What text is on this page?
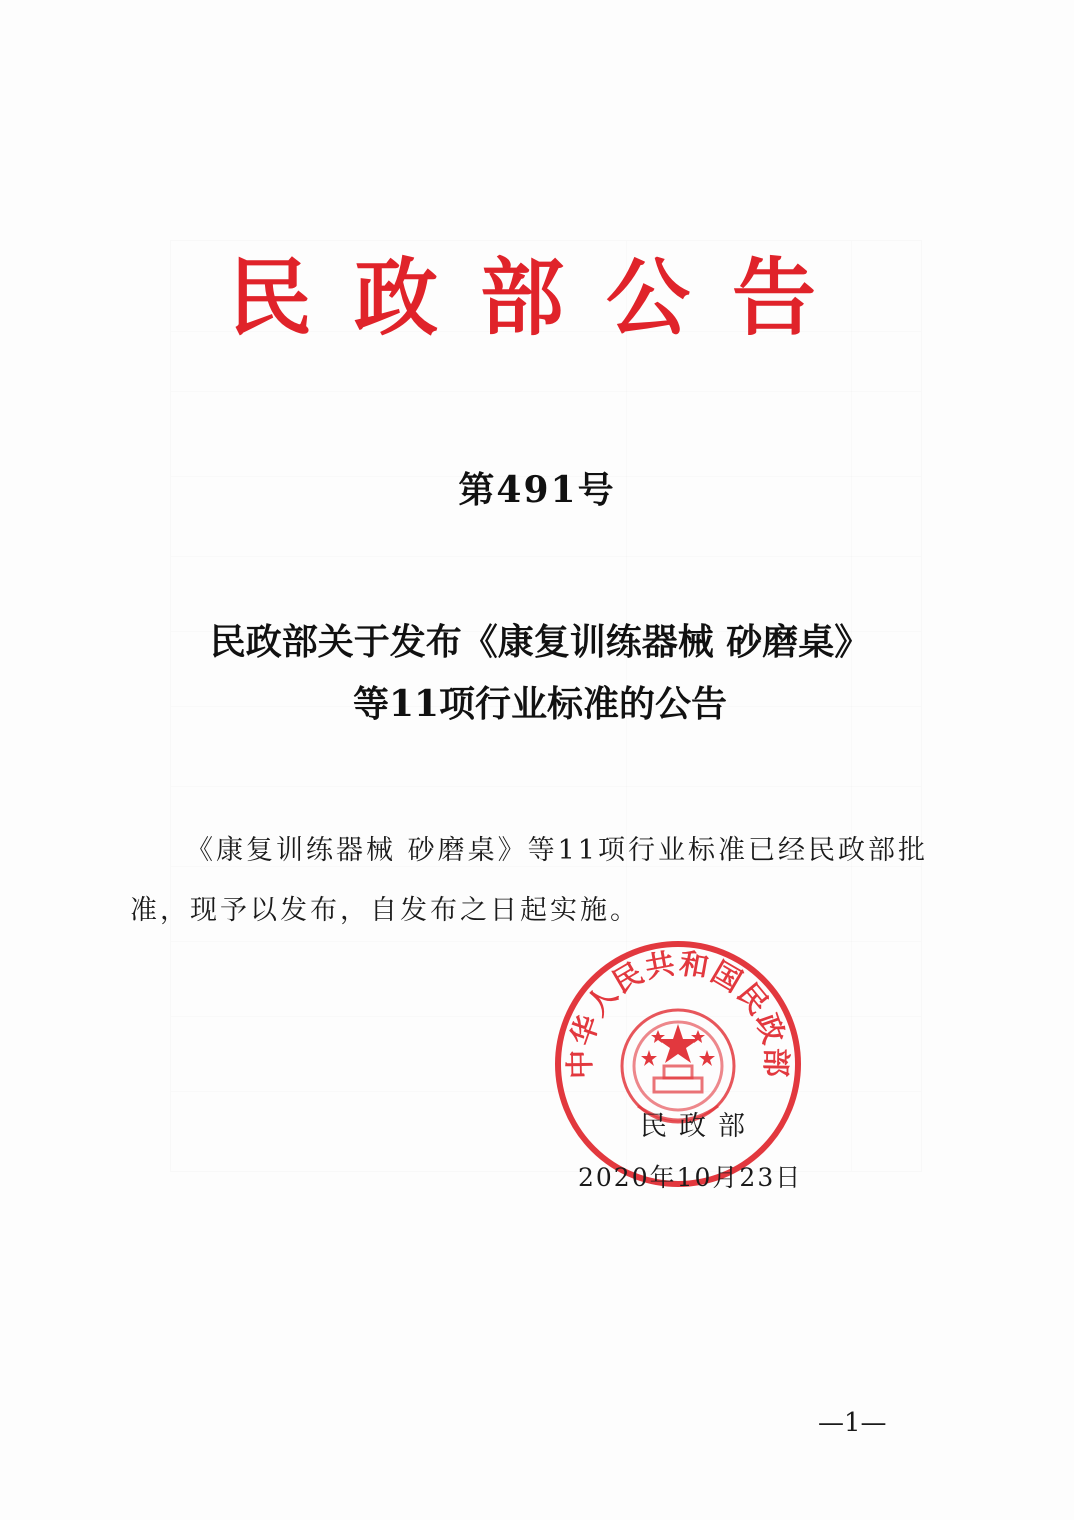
民政部公告
第491号
民政部关于发布《康复训练器械 砂磨桌》
等11项行业标准的公告
《康复训练器械 砂磨桌》等11项行业标准已经民政部批
准，现予以发布，自发布之日起实施。
中华人民共和国民政部
民政部
2020年10月23日
—1—
